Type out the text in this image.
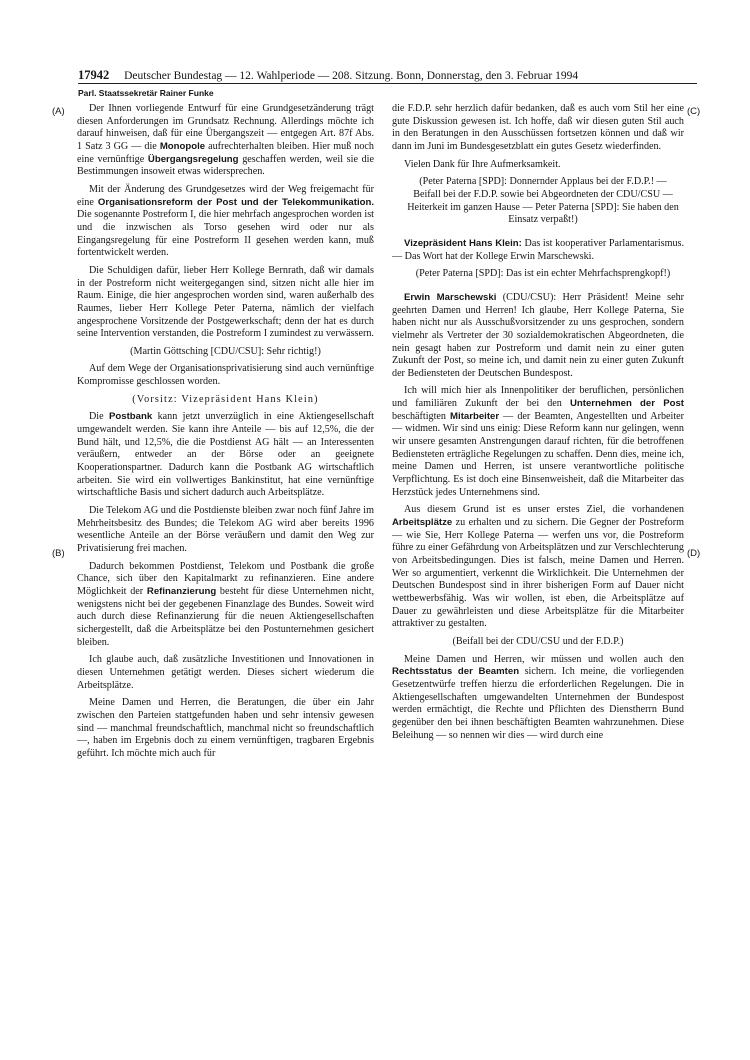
17942 Deutscher Bundestag — 12. Wahlperiode — 208. Sitzung. Bonn, Donnerstag, den 3. Februar 1994
Parl. Staatssekretär Rainer Funke
(A)
(B)
(C)
(D)

Der Ihnen vorliegende Entwurf für eine Grundgesetzänderung trägt diesen Anforderungen im Grundsatz Rechnung. Allerdings möchte ich darauf hinweisen, daß für eine Übergangszeit — entgegen Art. 87f Abs. 1 Satz 3 GG — die Monopole aufrechterhalten bleiben. Hier muß noch eine vernünftige Übergangsregelung geschaffen werden, weil sie die Bestimmungen insoweit etwas widersprechen.

Mit der Änderung des Grundgesetzes wird der Weg freigemacht für eine Organisationsreform der Post und der Telekommunikation. Die sogenannte Postreform I, die hier mehrfach angesprochen worden ist und die inzwischen als Torso gesehen wird oder nur als Eingangsregelung für eine Postreform II gesehen werden kann, muß fortentwickelt werden.

Die Schuldigen dafür, lieber Herr Kollege Bernrath, daß wir damals in der Postreform nicht weitergegangen sind, sitzen nicht alle hier im Raum. Einige, die hier angesprochen worden sind, waren außerhalb des Raumes, lieber Herr Kollege Peter Paterna, nämlich der vielfach angesprochene Vorsitzende der Postgewerkschaft; denn der hat es durch seine Intervention verstanden, die Postreform I zumindest zu verwässern.

(Martin Göttsching [CDU/CSU]: Sehr richtig!)

Auf dem Wege der Organisationsprivatisierung sind auch vernünftige Kompromisse geschlossen worden.

(Vorsitz: Vizepräsident Hans Klein)

Die Postbank kann jetzt unverzüglich in eine Aktiengesellschaft umgewandelt werden. Sie kann ihre Anteile — bis auf 12,5%, die der Bund hält, und 12,5%, die die Postdienst AG hält — an Interessenten veräußern, entweder an der Börse oder an geeignete Kooperationspartner. Dadurch kann die Postbank AG wirtschaftlich arbeiten. Sie wird ein vollwertiges Bankinstitut, hat eine vernünftige wirtschaftliche Basis und sichert dadurch auch Arbeitsplätze.

Die Telekom AG und die Postdienste bleiben zwar noch fünf Jahre im Mehrheitsbesitz des Bundes; die Telekom AG wird aber bereits 1996 wesentliche Anteile an der Börse veräußern und damit den Weg zur Privatisierung frei machen.

Dadurch bekommen Postdienst, Telekom und Postbank die große Chance, sich über den Kapitalmarkt zu refinanzieren. Eine andere Möglichkeit der Refinanzierung besteht für diese Unternehmen nicht, wenigstens nicht bei der gegebenen Finanzlage des Bundes. Soweit wird auch durch diese Refinanzierung für die neuen Aktiengesellschaften sichergestellt, daß die Arbeitsplätze bei den Postunternehmen gesichert bleiben.

Ich glaube auch, daß zusätzliche Investitionen und Innovationen in diesen Unternehmen getätigt werden. Dieses sichert wiederum die Arbeitsplätze.

Meine Damen und Herren, die Beratungen, die über ein Jahr zwischen den Parteien stattgefunden haben und sehr intensiv gewesen sind — manchmal freundschaftlich, manchmal nicht so freundschaftlich —, haben im Ergebnis doch zu einem vernünftigen, tragbaren Ergebnis geführt. Ich möchte mich auch für

die F.D.P. sehr herzlich dafür bedanken, daß es auch vom Stil her eine gute Diskussion gewesen ist. Ich hoffe, daß wir diesen guten Stil auch in den Beratungen in den Ausschüssen fortsetzen können und daß wir dann im Juni im Bundesgesetzblatt ein gutes Gesetz wiederfinden.

Vielen Dank für Ihre Aufmerksamkeit.

(Peter Paterna [SPD]: Donnernder Applaus bei der F.D.P.! — Beifall bei der F.D.P. sowie bei Abgeordneten der CDU/CSU — Heiterkeit im ganzen Hause — Peter Paterna [SPD]: Sie haben den Einsatz verpaßt!)

Vizepräsident Hans Klein: Das ist kooperativer Parlamentarismus. — Das Wort hat der Kollege Erwin Marschewski.

(Peter Paterna [SPD]: Das ist ein echter Mehrfachsprengkopf!)

Erwin Marschewski (CDU/CSU): Herr Präsident! Meine sehr geehrten Damen und Herren! Ich glaube, Herr Kollege Paterna, Sie haben nicht nur als Ausschußvorsitzender zu uns gesprochen, sondern vielmehr als Vertreter der 30 sozialdemokratischen Abgeordneten, die nein gesagt haben zur Postreform und damit nein zu einer guten Zukunft der Post, so meine ich, und damit nein zu einer guten Zukunft der Bediensteten der Deutschen Bundespost.

Ich will mich hier als Innenpolitiker der beruflichen, persönlichen und familiären Zukunft der bei den Unternehmen der Post beschäftigten Mitarbeiter — der Beamten, Angestellten und Arbeiter — widmen. Wir sind uns einig: Diese Reform kann nur gelingen, wenn wir unsere gesamten Anstrengungen darauf richten, für die betroffenen Bediensteten erträgliche Regelungen zu schaffen. Denn dies, meine ich, meine Damen und Herren, ist unsere verantwortliche politische Verpflichtung. Es ist doch eine Binsenweisheit, daß die Mitarbeiter das Herzstück jedes Unternehmens sind.

Aus diesem Grund ist es unser erstes Ziel, die vorhandenen Arbeitsplätze zu erhalten und zu sichern. Die Gegner der Postreform — wie Sie, Herr Kollege Paterna — werfen uns vor, die Postreform führe zu einer Gefährdung von Arbeitsplätzen und zur Verschlechterung von Arbeitsbedingungen. Dies ist falsch, meine Damen und Herren. Wer so argumentiert, verkennt die Wirklichkeit. Die Unternehmen der Deutschen Bundespost sind in ihrer bisherigen Form auf Dauer nicht wettbewerbsfähig. Was wir wollen, ist eben, die Arbeitsplätze auf Dauer zu gewährleisten und diese Arbeitsplätze für die Mitarbeiter attraktiver zu gestalten.

(Beifall bei der CDU/CSU und der F.D.P.)

Meine Damen und Herren, wir müssen und wollen auch den Rechtsstatus der Beamten sichern. Ich meine, die vorliegenden Gesetzentwürfe treffen hierzu die erforderlichen Regelungen. Die in Aktiengesellschaften umgewandelten Unternehmen der Bundespost werden ermächtigt, die Rechte und Pflichten des Dienstherrn Bund gegenüber den bei ihnen beschäftigten Beamten wahrzunehmen. Diese Beleihung — so nennen wir dies — wird durch eine
